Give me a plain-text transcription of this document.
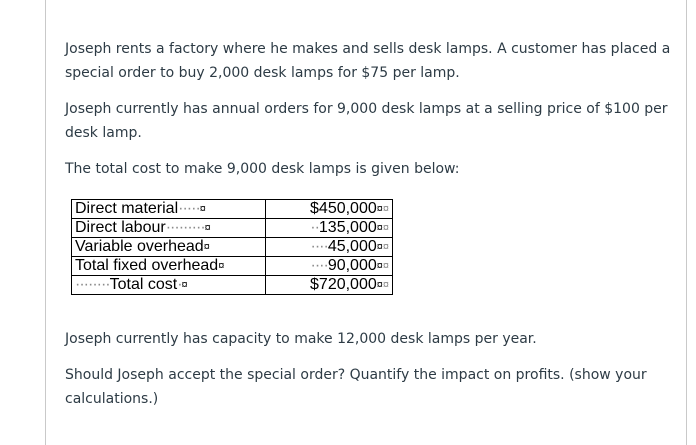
Joseph rents a factory where he makes and sells desk lamps. A customer has placed a special order to buy 2,000 desk lamps for $75 per lamp.

Joseph currently has annual orders for 9,000 desk lamps at a selling price of $100 per desk lamp.

The total cost to make 9,000 desk lamps is given below:

Direct material·····¤	$450,000¤¤
Direct labour·········¤	··135,000¤¤
Variable overhead¤	····45,000¤¤
Total fixed overhead¤	····90,000¤¤
········Total cost·¤	$720,000¤¤

Joseph currently has capacity to make 12,000 desk lamps per year.

Should Joseph accept the special order? Quantify the impact on profits. (show your calculations.)
